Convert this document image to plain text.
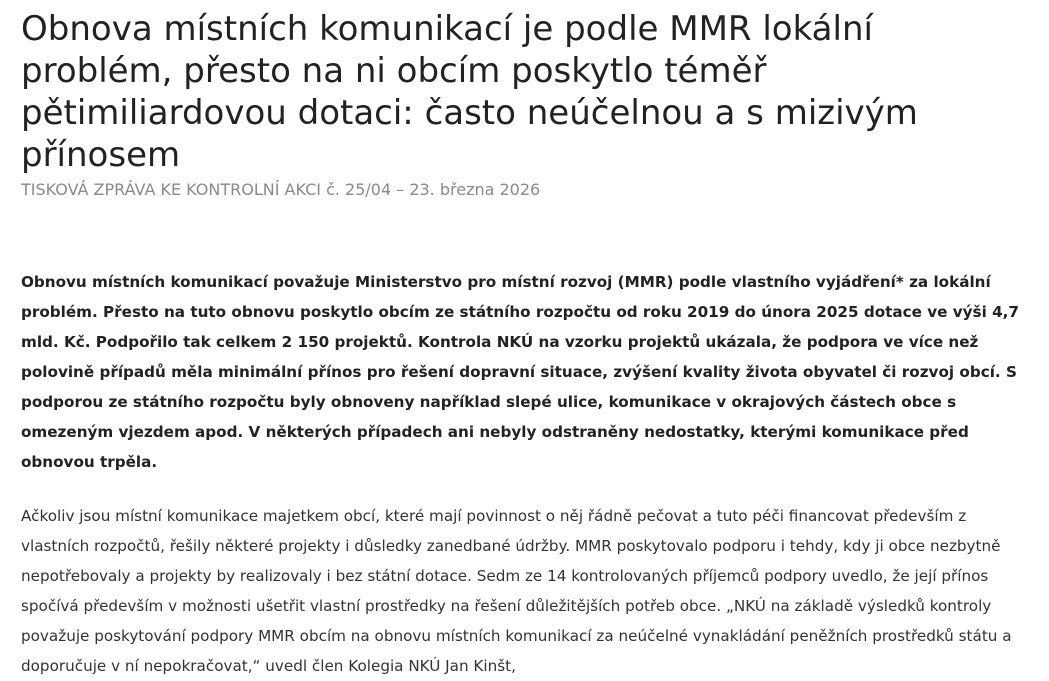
Obnova místních komunikací je podle MMR lokální problém, přesto na ni obcím poskytlo téměř pětimiliardovou dotaci: často neúčelnou a s mizivým přínosem
TISKOVÁ ZPRÁVA KE KONTROLNÍ AKCI č. 25/04 – 23. března 2026

Obnovu místních komunikací považuje Ministerstvo pro místní rozvoj (MMR) podle vlastního vyjádření* za lokální problém. Přesto na tuto obnovu poskytlo obcím ze státního rozpočtu od roku 2019 do února 2025 dotace ve výši 4,7 mld. Kč. Podpořilo tak celkem 2 150 projektů. Kontrola NKÚ na vzorku projektů ukázala, že podpora ve více než polovině případů měla minimální přínos pro řešení dopravní situace, zvýšení kvality života obyvatel či rozvoj obcí. S podporou ze státního rozpočtu byly obnoveny například slepé ulice, komunikace v okrajových částech obce s omezeným vjezdem apod. V některých případech ani nebyly odstraněny nedostatky, kterými komunikace před obnovou trpěla.

Ačkoliv jsou místní komunikace majetkem obcí, které mají povinnost o něj řádně pečovat a tuto péči financovat především z vlastních rozpočtů, řešily některé projekty i důsledky zanedbané údržby. MMR poskytovalo podporu i tehdy, kdy ji obce nezbytně nepotřebovaly a projekty by realizovaly i bez státní dotace. Sedm ze 14 kontrolovaných příjemců podpory uvedlo, že její přínos spočívá především v možnosti ušetřit vlastní prostředky na řešení důležitějších potřeb obce. „NKÚ na základě výsledků kontroly považuje poskytování podpory MMR obcím na obnovu místních komunikací za neúčelné vynakládání peněžních prostředků státu a doporučuje v ní nepokračovat,“ uvedl člen Kolegia NKÚ Jan Kinšt,
